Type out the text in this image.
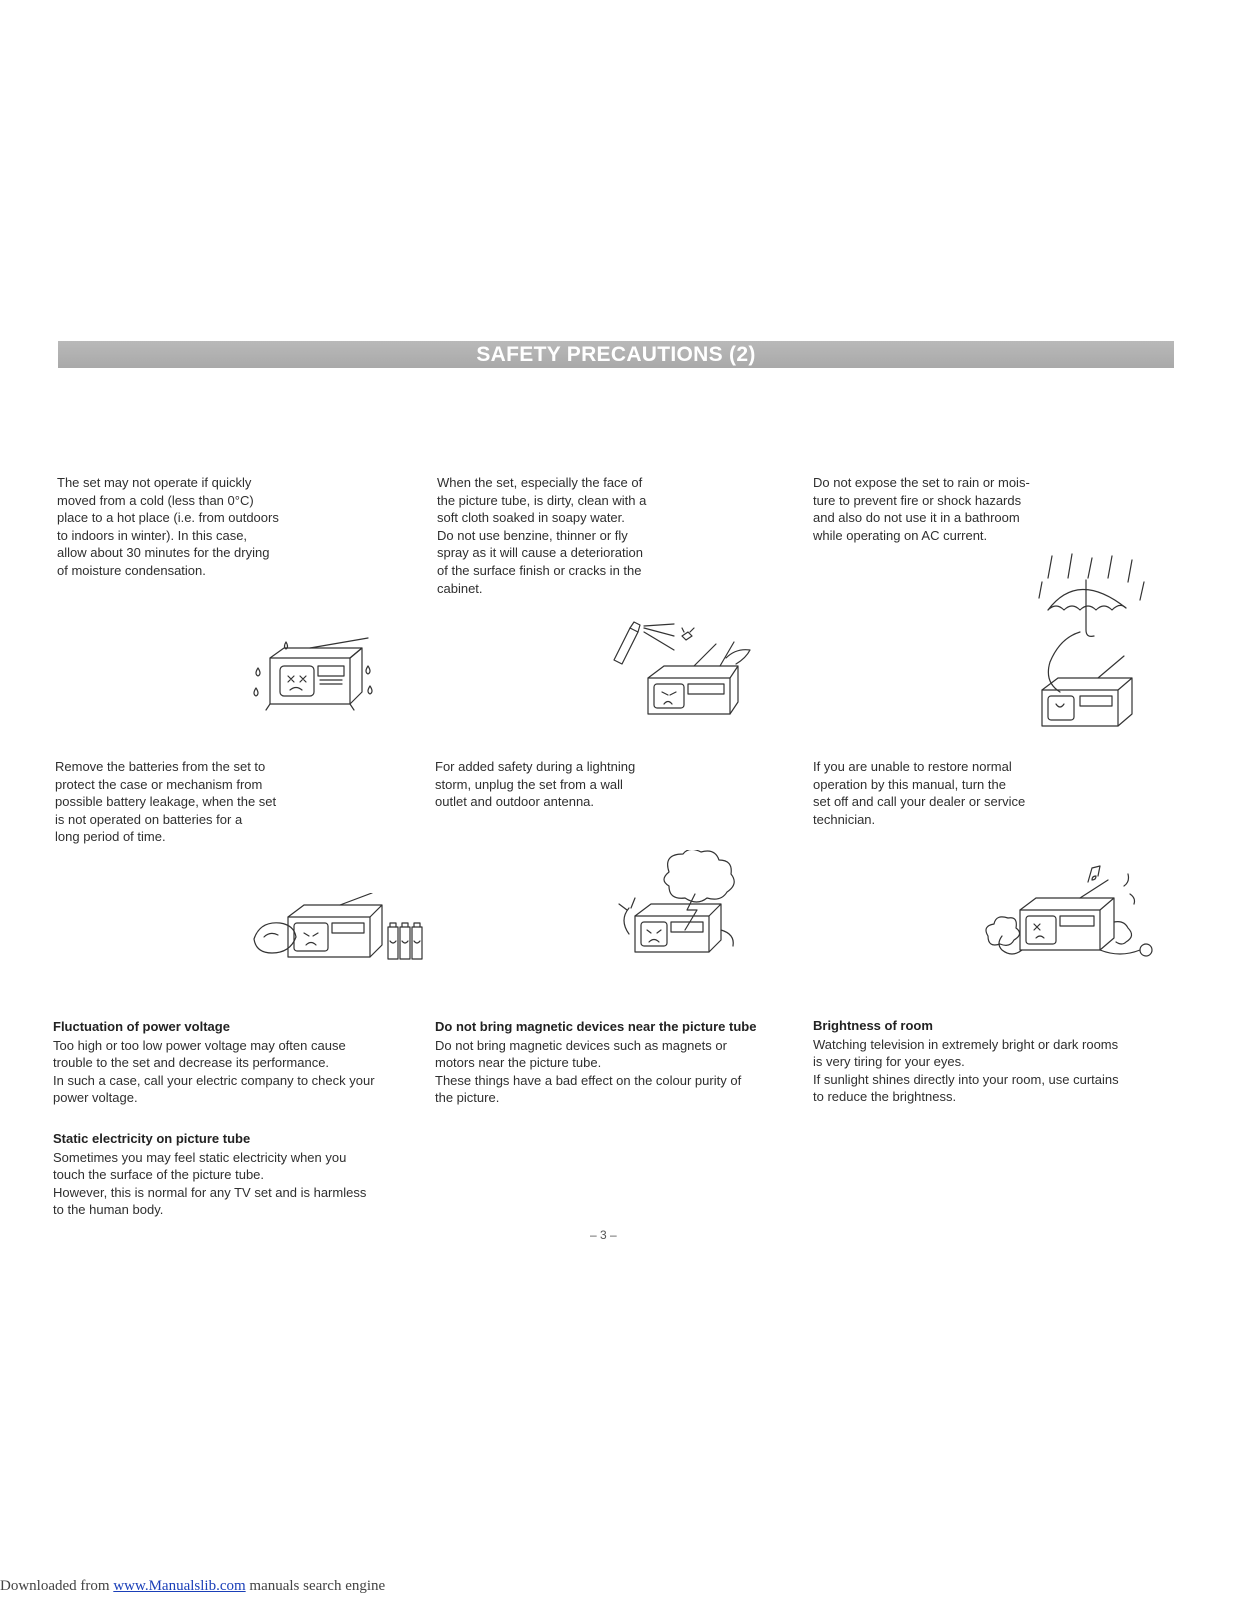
SAFETY PRECAUTIONS (2)
The set may not operate if quickly
moved from a cold (less than 0°C)
place to a hot place (i.e. from outdoors
to indoors in winter). In this case,
allow about 30 minutes for the drying
of moisture condensation.
When the set, especially the face of
the picture tube, is dirty, clean with a
soft cloth soaked in soapy water.
Do not use benzine, thinner or fly
spray as it will cause a deterioration
of the surface finish or cracks in the
cabinet.
Do not expose the set to rain or mois-
ture to prevent fire or shock hazards
and also do not use it in a bathroom
while operating on AC current.
Remove the batteries from the set to
protect the case or mechanism from
possible battery leakage, when the set
is not operated on batteries for a
long period of time.
For added safety during a lightning
storm, unplug the set from a wall
outlet and outdoor antenna.
If you are unable to restore normal
operation by this manual, turn the
set off and call your dealer or service
technician.
Fluctuation of power voltage

Too high or too low power voltage may often cause

trouble to the set and decrease its performance.

In such a case, call your electric company to check your

power voltage.

Do not bring magnetic devices near the picture tube

Do not bring magnetic devices such as magnets or

motors near the picture tube.

These things have a bad effect on the colour purity of

the picture.

Brightness of room

Watching television in extremely bright or dark rooms

is very tiring for your eyes.

If sunlight shines directly into your room, use curtains

to reduce the brightness.

Static electricity on picture tube

Sometimes you may feel static electricity when you

touch the surface of the picture tube.

However, this is normal for any TV set and is harmless

to the human body.

– 3 –
Downloaded from www.Manualslib.com manuals search engine
